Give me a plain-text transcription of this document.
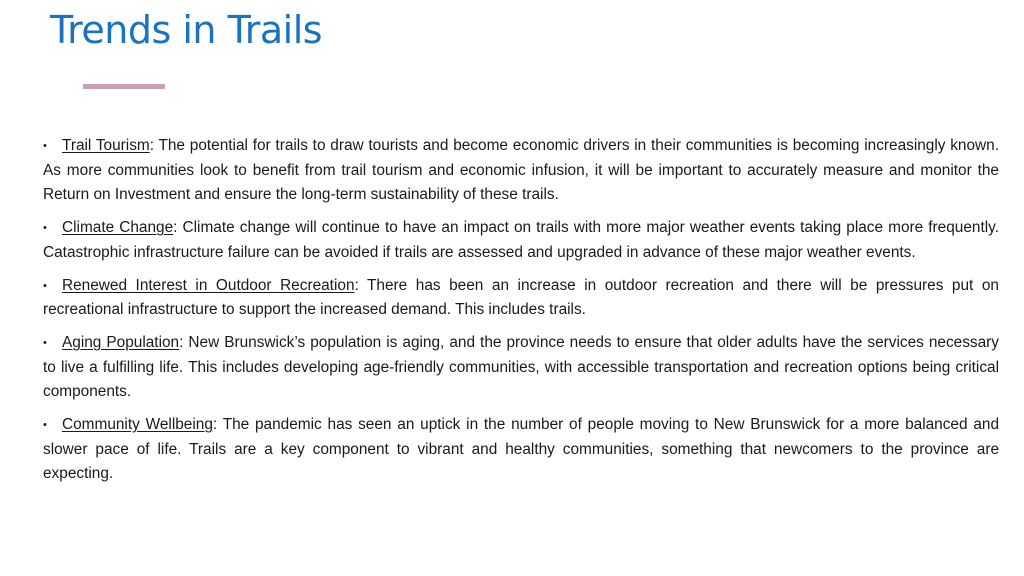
Trends in Trails
• Trail Tourism: The potential for trails to draw tourists and become economic drivers in their communities is becoming increasingly known. As more communities look to benefit from trail tourism and economic infusion, it will be important to accurately measure and monitor the Return on Investment and ensure the long-term sustainability of these trails.
• Climate Change: Climate change will continue to have an impact on trails with more major weather events taking place more frequently. Catastrophic infrastructure failure can be avoided if trails are assessed and upgraded in advance of these major weather events.
• Renewed Interest in Outdoor Recreation: There has been an increase in outdoor recreation and there will be pressures put on recreational infrastructure to support the increased demand. This includes trails.
• Aging Population: New Brunswick’s population is aging, and the province needs to ensure that older adults have the services necessary to live a fulfilling life. This includes developing age-friendly communities, with accessible transportation and recreation options being critical components.
• Community Wellbeing: The pandemic has seen an uptick in the number of people moving to New Brunswick for a more balanced and slower pace of life. Trails are a key component to vibrant and healthy communities, something that newcomers to the province are expecting.
